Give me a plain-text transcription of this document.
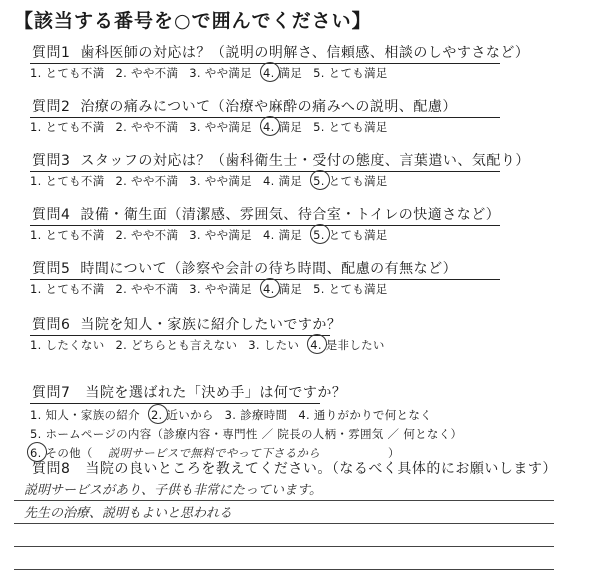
【該当する番号を○で囲んでください】
質問1 歯科医師の対応は？（説明の明解さ、信頼感、相談のしやすさなど）
1. とても不満 2. やや不満 3. やや満足 4. 満足 5. とても満足
質問2 治療の痛みについて（治療や麻酔の痛みへの説明、配慮）
1. とても不満 2. やや不満 3. やや満足 4. 満足 5. とても満足
質問3 スタッフの対応は？（歯科衛生士・受付の態度、言葉遣い、気配り）
1. とても不満 2. やや不満 3. やや満足 4. 満足 5. とても満足
質問4 設備・衛生面（清潔感、雰囲気、待合室・トイレの快適さなど）
1. とても不満 2. やや不満 3. やや満足 4. 満足 5. とても満足
質問5 時間について（診察や会計の待ち時間、配慮の有無など）
1. とても不満 2. やや不満 3. やや満足 4. 満足 5. とても満足
質問6 当院を知人・家族に紹介したいですか？
1. したくない 2. どちらとも言えない 3. したい 4. 是非したい
質問7 当院を選ばれた「決め手」は何ですか？
1. 知人・家族の紹介 2. 近いから 3. 診療時間 4. 通りがかりで何となく
5. ホームページの内容（診療内容・専門性 ／ 院長の人柄・雰囲気 ／ 何となく）
6. その他（ 説明サービスで無料でやって下さるから	）
質問8 当院の良いところを教えてください。（なるべく具体的にお願いします）
説明サービスがあり、子供も非常にたっています。
先生の治療、説明もよいと思われる
